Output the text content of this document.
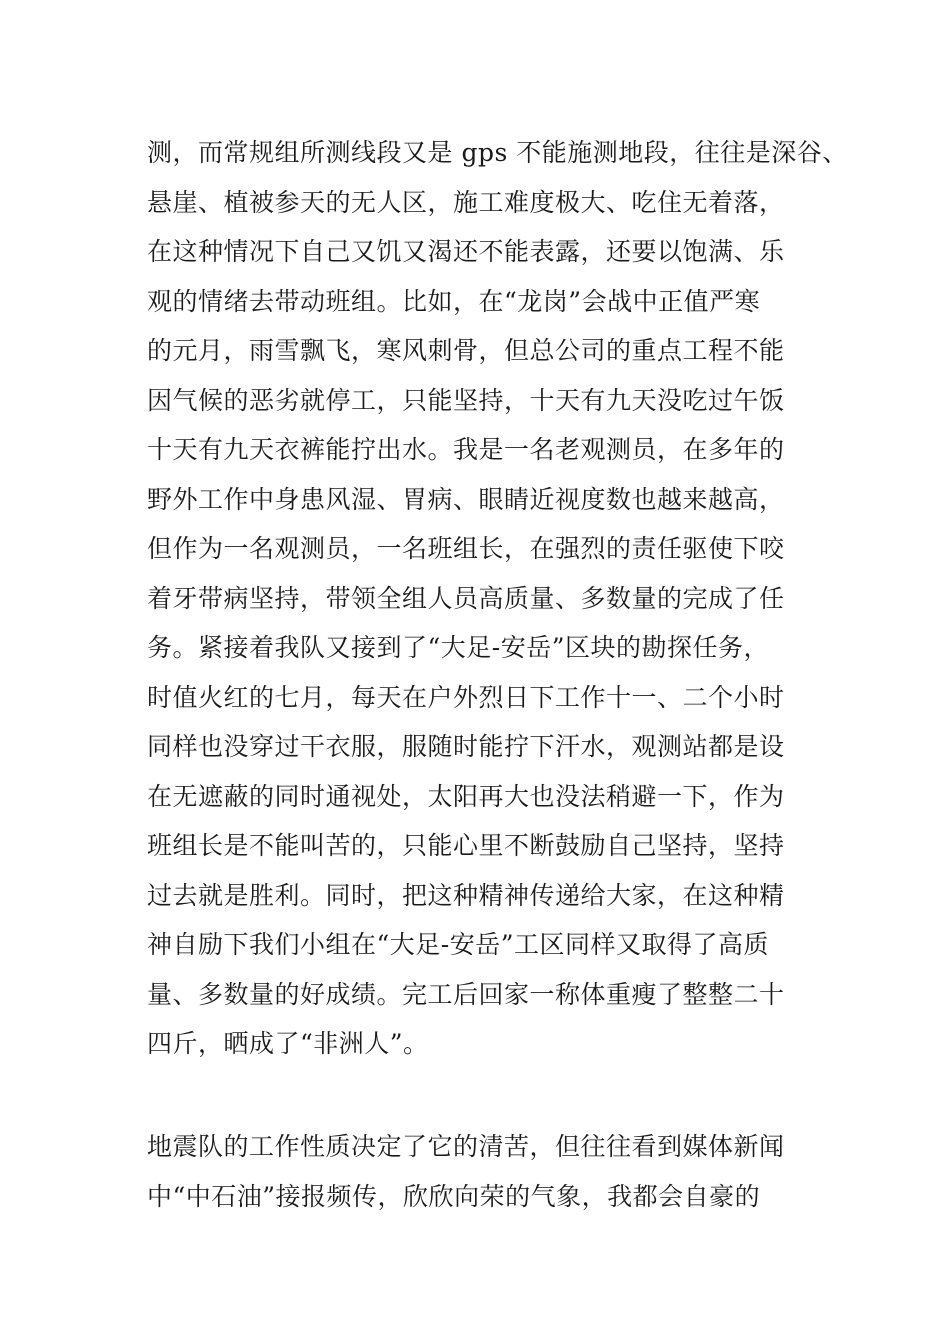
测，而常规组所测线段又是 gps 不能施测地段，往往是深谷、
悬崖、植被参天的无人区，施工难度极大、吃住无着落，
在这种情况下自己又饥又渴还不能表露，还要以饱满、乐
观的情绪去带动班组。比如，在“龙岗”会战中正值严寒
的元月，雨雪飘飞，寒风刺骨，但总公司的重点工程不能
因气候的恶劣就停工，只能坚持，十天有九天没吃过午饭
十天有九天衣裤能拧出水。我是一名老观测员，在多年的
野外工作中身患风湿、胃病、眼睛近视度数也越来越高，
但作为一名观测员，一名班组长，在强烈的责任驱使下咬
着牙带病坚持，带领全组人员高质量、多数量的完成了任
务。紧接着我队又接到了“大足-安岳”区块的勘探任务，
时值火红的七月，每天在户外烈日下工作十一、二个小时
同样也没穿过干衣服，服随时能拧下汗水，观测站都是设
在无遮蔽的同时通视处，太阳再大也没法稍避一下，作为
班组长是不能叫苦的，只能心里不断鼓励自己坚持，坚持
过去就是胜利。同时，把这种精神传递给大家，在这种精
神自励下我们小组在“大足-安岳”工区同样又取得了高质
量、多数量的好成绩。完工后回家一称体重瘦了整整二十
四斤，晒成了“非洲人”。
地震队的工作性质决定了它的清苦，但往往看到媒体新闻
中“中石油”接报频传，欣欣向荣的气象，我都会自豪的
